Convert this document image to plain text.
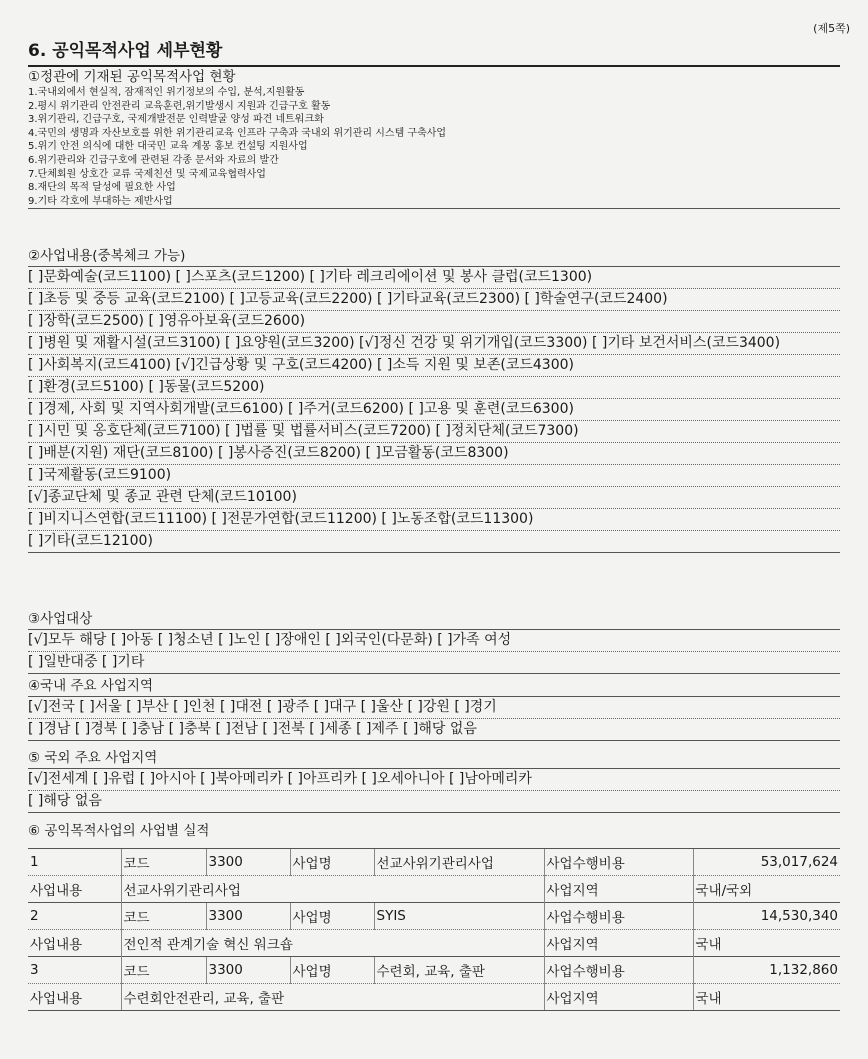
(제5쪽)
6. 공익목적사업 세부현황
①정관에 기재된 공익목적사업 현황
1.국내외에서 현실적, 잠재적인 위기정보의 수입, 분석,지원활동
2.평시 위기관리 안전관리 교육훈련,위기발생시 지원과 긴급구호 활동
3.위기관리, 긴급구호, 국제개발전문 인력발굴 양성 파견 네트워크화
4.국민의 생명과 자산보호를 위한 위기관리교육 인프라 구축과 국내외 위기관리 시스템 구축사업
5.위기 안전 의식에 대한 대국민 교육 계몽 홍보 컨설팅 지원사업
6.위기관리와 긴급구호에 관련된 각종 문서와 자료의 발간
7.단체회원 상호간 교류 국제친선 및 국제교육협력사업
8.재단의 목적 달성에 필요한 사업
9.기타 각호에 부대하는 제반사업
②사업내용(중복체크 가능)
[ ]문화예술(코드1100) [ ]스포츠(코드1200) [ ]기타 레크리에이션 및 봉사 클럽(코드1300)
[ ]초등 및 중등 교육(코드2100) [ ]고등교육(코드2200) [ ]기타교육(코드2300) [ ]학술연구(코드2400)
[ ]장학(코드2500) [ ]영유아보육(코드2600)
[ ]병원 및 재활시설(코드3100) [ ]요양원(코드3200) [√]정신 건강 및 위기개입(코드3300) [ ]기타 보건서비스(코드3400)
[ ]사회복지(코드4100) [√]긴급상황 및 구호(코드4200) [ ]소득 지원 및 보존(코드4300)
[ ]환경(코드5100) [ ]동물(코드5200)
[ ]경제, 사회 및 지역사회개발(코드6100) [ ]주거(코드6200) [ ]고용 및 훈련(코드6300)
[ ]시민 및 옹호단체(코드7100) [ ]법률 및 법률서비스(코드7200) [ ]정치단체(코드7300)
[ ]배분(지원) 재단(코드8100) [ ]봉사증진(코드8200) [ ]모금활동(코드8300)
[ ]국제활동(코드9100)
[√]종교단체 및 종교 관련 단체(코드10100)
[ ]비지니스연합(코드11100) [ ]전문가연합(코드11200) [ ]노동조합(코드11300)
[ ]기타(코드12100)
③사업대상
[√]모두 해당 [ ]아동 [ ]청소년 [ ]노인 [ ]장애인 [ ]외국인(다문화) [ ]가족 여성
[ ]일반대중 [ ]기타
④국내 주요 사업지역
[√]전국 [ ]서울 [ ]부산 [ ]인천 [ ]대전 [ ]광주 [ ]대구 [ ]울산 [ ]강원 [ ]경기
[ ]경남 [ ]경북 [ ]충남 [ ]충북 [ ]전남 [ ]전북 [ ]세종 [ ]제주 [ ]해당 없음
⑤ 국외 주요 사업지역
[√]전세계 [ ]유럽 [ ]아시아 [ ]북아메리카 [ ]아프리카 [ ]오세아니아 [ ]남아메리카
[ ]해당 없음
⑥ 공익목적사업의 사업별 실적
1	코드	3300	사업명	선교사위기관리사업	사업수행비용	53,017,624
사업내용	선교사위기관리사업				사업지역	국내/국외
2	코드	3300	사업명	SYIS	사업수행비용	14,530,340
사업내용	전인적 관계기술 혁신 워크숍				사업지역	국내
3	코드	3300	사업명	수련회, 교육, 출판	사업수행비용	1,132,860
사업내용	수련회안전관리, 교육, 출판				사업지역	국내
